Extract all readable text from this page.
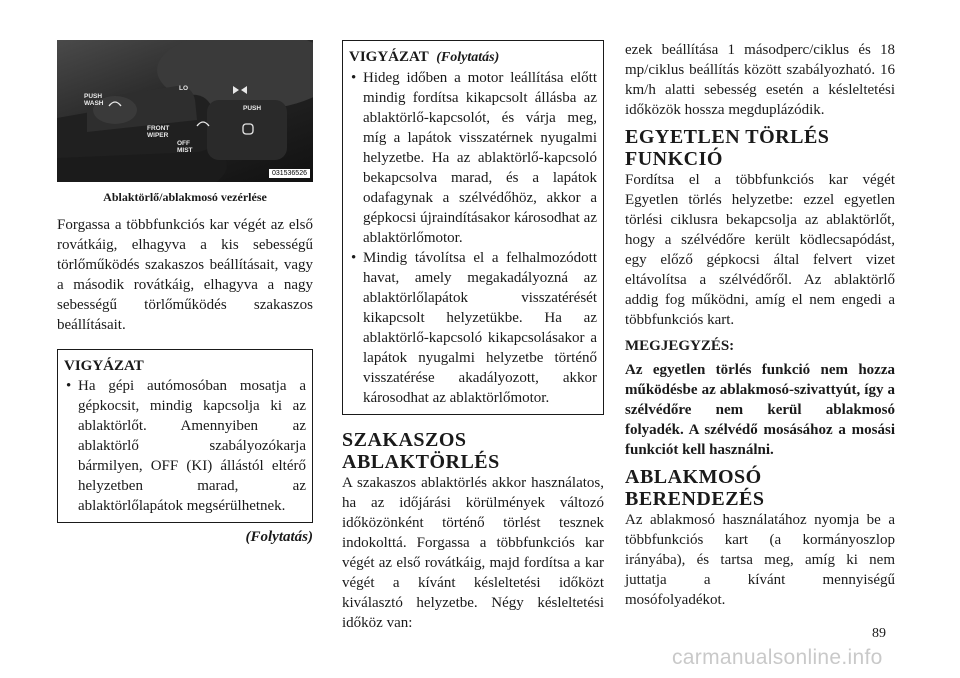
PUSH
WASH
FRONT
WIPER
LO
PUSH
OFF
MIST
031536526
Ablaktörlő/ablakmosó vezérlése

Forgassa a többfunkciós kar végét az első rovátkáig, elhagyva a kis sebességű törlőműködés szakaszos beállításait, vagy a második rovátkáig, elhagyva a nagy sebességű törlőműködés szakaszos beállításait.

VIGYÁZAT
• Ha gépi autómosóban mosatja a gépkocsit, mindig kapcsolja ki az ablaktörlőt. Amennyiben az ablaktörlő szabályozókarja bármilyen, OFF (KI) állástól eltérő helyzetben marad, az ablaktörlőlapátok megsérülhetnek.
(Folytatás)
VIGYÁZAT (Folytatás)
• Hideg időben a motor leállítása előtt mindig fordítsa kikapcsolt állásba az ablaktörlő-kapcsolót, és várja meg, míg a lapátok visszatérnek nyugalmi helyzetbe. Ha az ablaktörlő-kapcsoló bekapcsolva marad, és a lapátok odafagynak a szélvédőhöz, akkor a gépkocsi újraindításakor károsodhat az ablaktörlőmotor.
• Mindig távolítsa el a felhalmozódott havat, amely megakadályozná az ablaktörlőlapátok visszatérését kikapcsolt helyzetükbe. Ha az ablaktörlő-kapcsoló kikapcsolásakor a lapátok nyugalmi helyzetbe történő visszatérése akadályozott, akkor károsodhat az ablaktörlőmotor.
SZAKASZOS ABLAKTÖRLÉS

A szakaszos ablaktörlés akkor használatos, ha az időjárási körülmények változó időközönként történő törlést tesznek indokolttá. Forgassa a többfunkciós kar végét az első rovátkáig, majd fordítsa a kar végét a kívánt késleltetési időközt kiválasztó helyzetbe. Négy késleltetési időköz van:

ezek beállítása 1 másodperc/ciklus és 18 mp/ciklus beállítás között szabályozható. 16 km/h alatti sebesség esetén a késleltetési időközök hossza megduplázódik.

EGYETLEN TÖRLÉS FUNKCIÓ

Fordítsa el a többfunkciós kar végét Egyetlen törlés helyzetbe: ezzel egyetlen törlési ciklusra bekapcsolja az ablaktörlőt, hogy a szélvédőre került ködlecsapódást, egy előző gépkocsi által felvert vizet eltávolítsa a szélvédőről. Az ablaktörlő addig fog működni, amíg el nem engedi a többfunkciós kart.

MEGJEGYZÉS:

Az egyetlen törlés funkció nem hozza működésbe az ablakmosó-szivattyút, így a szélvédőre nem kerül ablakmosó folyadék. A szélvédő mosásához a mosási funkciót kell használni.

ABLAKMOSÓ BERENDEZÉS

Az ablakmosó használatához nyomja be a többfunkciós kart (a kormányoszlop irányába), és tartsa meg, amíg ki nem juttatja a kívánt mennyiségű mosófolyadékot.

89
carmanualsonline.info
